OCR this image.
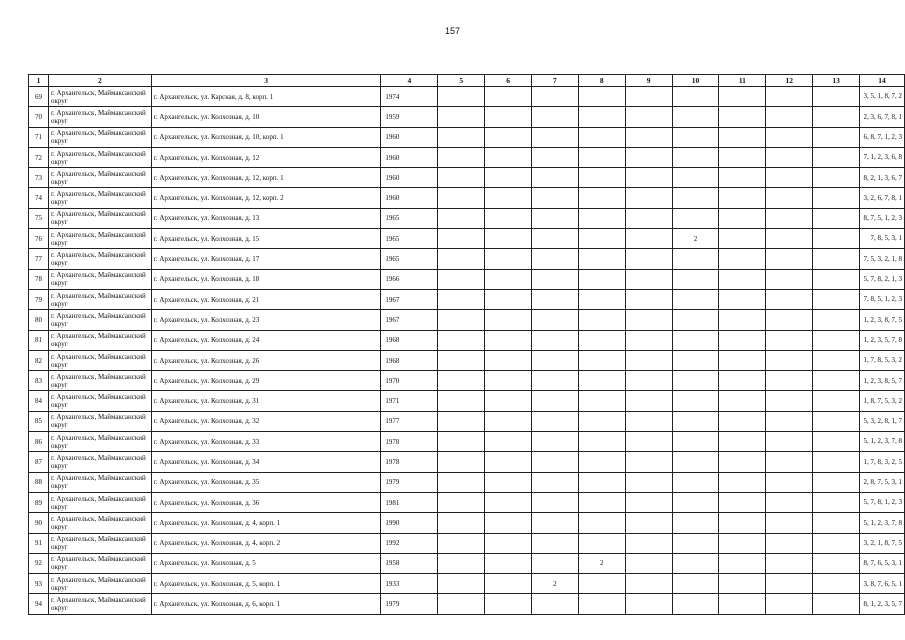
157
1	2	3	4	5	6	7	8	9	10	11	12	13	14
69	г. Архангельск, Маймаксанский округ	г. Архангельск, ул. Карская, д. 8, корп. 1	1974										3, 5, 1, 8, 7, 2
70	г. Архангельск, Маймаксанский округ	г. Архангельск, ул. Колхозная, д. 10	1959										2, 3, 6, 7, 8, 1
71	г. Архангельск, Маймаксанский округ	г. Архангельск, ул. Колхозная, д. 10, корп. 1	1960										6, 8, 7, 1, 2, 3
72	г. Архангельск, Маймаксанский округ	г. Архангельск, ул. Колхозная, д. 12	1960										7, 1, 2, 3, 6, 8
73	г. Архангельск, Маймаксанский округ	г. Архангельск, ул. Колхозная, д. 12, корп. 1	1960										8, 2, 1, 3, 6, 7
74	г. Архангельск, Маймаксанский округ	г. Архангельск, ул. Колхозная, д. 12, корп. 2	1960										3, 2, 6, 7, 8, 1
75	г. Архангельск, Маймаксанский округ	г. Архангельск, ул. Колхозная, д. 13	1965										8, 7, 5, 1, 2, 3
76	г. Архангельск, Маймаксанский округ	г. Архангельск, ул. Колхозная, д. 15	1965						2				7, 8, 5, 3, 1
77	г. Архангельск, Маймаксанский округ	г. Архангельск, ул. Колхозная, д. 17	1965										7, 5, 3, 2, 1, 8
78	г. Архангельск, Маймаксанский округ	г. Архангельск, ул. Колхозная, д. 18	1966										5, 7, 8, 2, 1, 3
79	г. Архангельск, Маймаксанский округ	г. Архангельск, ул. Колхозная, д. 21	1967										7, 8, 5, 1, 2, 3
80	г. Архангельск, Маймаксанский округ	г. Архангельск, ул. Колхозная, д. 23	1967										1, 2, 3, 8, 7, 5
81	г. Архангельск, Маймаксанский округ	г. Архангельск, ул. Колхозная, д. 24	1968										1, 2, 3, 5, 7, 8
82	г. Архангельск, Маймаксанский округ	г. Архангельск, ул. Колхозная, д. 26	1968										1, 7, 8, 5, 3, 2
83	г. Архангельск, Маймаксанский округ	г. Архангельск, ул. Колхозная, д. 29	1970										1, 2, 3, 8, 5, 7
84	г. Архангельск, Маймаксанский округ	г. Архангельск, ул. Колхозная, д. 31	1971										1, 8, 7, 5, 3, 2
85	г. Архангельск, Маймаксанский округ	г. Архангельск, ул. Колхозная, д. 32	1977										5, 3, 2, 8, 1, 7
86	г. Архангельск, Маймаксанский округ	г. Архангельск, ул. Колхозная, д. 33	1978										5, 1, 2, 3, 7, 8
87	г. Архангельск, Маймаксанский округ	г. Архангельск, ул. Колхозная, д. 34	1978										1, 7, 8, 3, 2, 5
88	г. Архангельск, Маймаксанский округ	г. Архангельск, ул. Колхозная, д. 35	1979										2, 8, 7, 5, 3, 1
89	г. Архангельск, Маймаксанский округ	г. Архангельск, ул. Колхозная, д. 36	1981										5, 7, 8, 1, 2, 3
90	г. Архангельск, Маймаксанский округ	г. Архангельск, ул. Колхозная, д. 4, корп. 1	1990										5, 1, 2, 3, 7, 8
91	г. Архангельск, Маймаксанский округ	г. Архангельск, ул. Колхозная, д. 4, корп. 2	1992										3, 2, 1, 8, 7, 5
92	г. Архангельск, Маймаксанский округ	г. Архангельск, ул. Колхозная, д. 5	1958				2						8, 7, 6, 5, 3, 1
93	г. Архангельск, Маймаксанский округ	г. Архангельск, ул. Колхозная, д. 5, корп. 1	1933			2							3, 8, 7, 6, 5, 1
94	г. Архангельск, Маймаксанский округ	г. Архангельск, ул. Колхозная, д. 6, корп. 1	1979										8, 1, 2, 3, 5, 7
